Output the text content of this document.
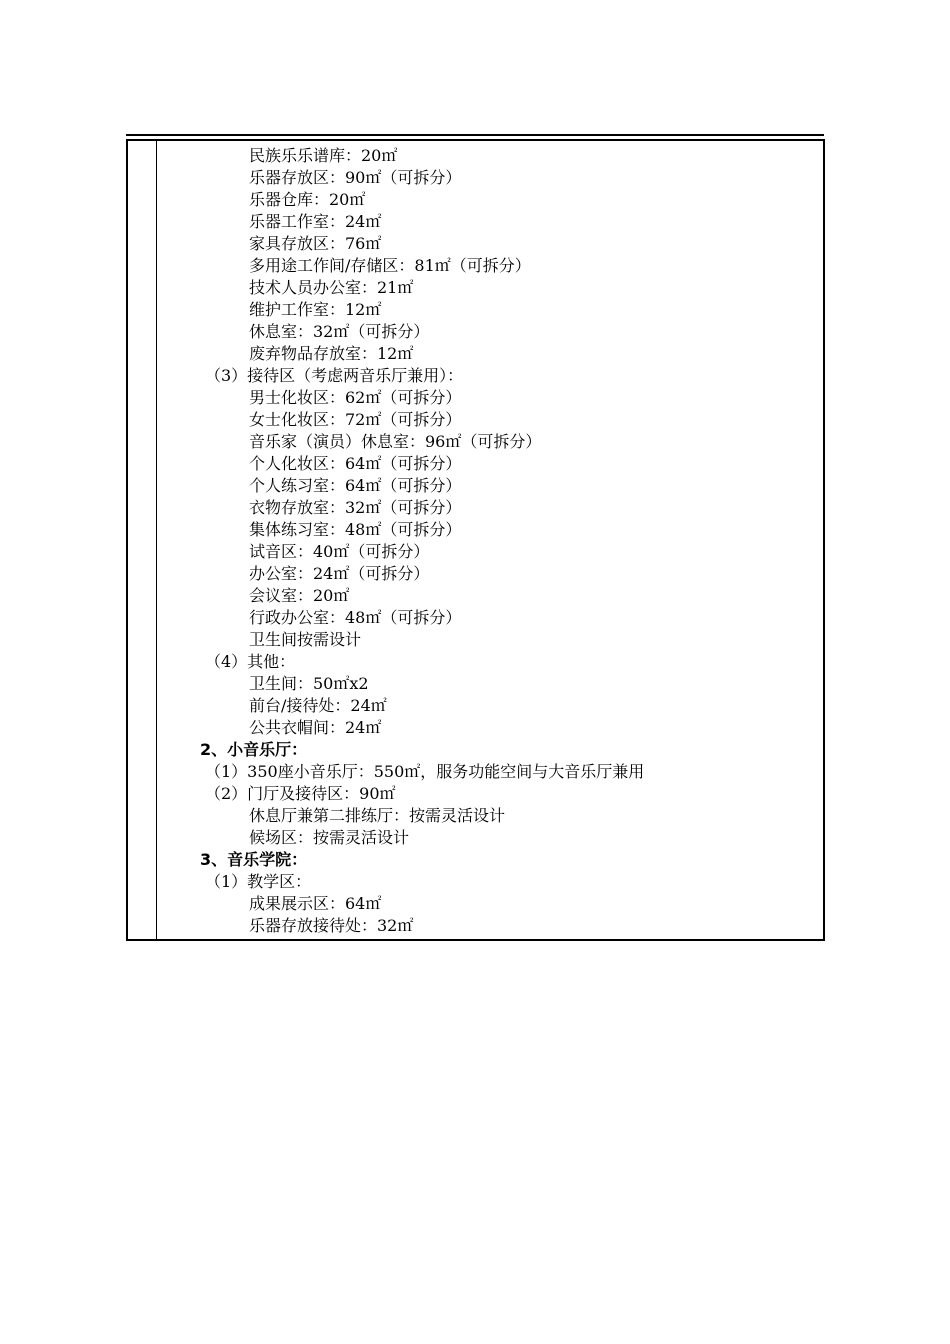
民族乐乐谱库：20㎡
乐器存放区：90㎡（可拆分）
乐器仓库：20㎡
乐器工作室：24㎡
家具存放区：76㎡
多用途工作间/存储区：81㎡（可拆分）
技术人员办公室：21㎡
维护工作室：12㎡
休息室：32㎡（可拆分）
废弃物品存放室：12㎡
（3）接待区（考虑两音乐厅兼用）：
男士化妆区：62㎡（可拆分）
女士化妆区：72㎡（可拆分）
音乐家（演员）休息室：96㎡（可拆分）
个人化妆区：64㎡（可拆分）
个人练习室：64㎡（可拆分）
衣物存放室：32㎡（可拆分）
集体练习室：48㎡（可拆分）
试音区：40㎡（可拆分）
办公室：24㎡（可拆分）
会议室：20㎡
行政办公室：48㎡（可拆分）
卫生间按需设计
（4）其他：
卫生间：50㎡x2
前台/接待处：24㎡
公共衣帽间：24㎡
2、小音乐厅：
（1）350座小音乐厅：550㎡，服务功能空间与大音乐厅兼用
（2）门厅及接待区：90㎡
休息厅兼第二排练厅：按需灵活设计
候场区：按需灵活设计
3、音乐学院：
（1）教学区：
成果展示区：64㎡
乐器存放接待处：32㎡
